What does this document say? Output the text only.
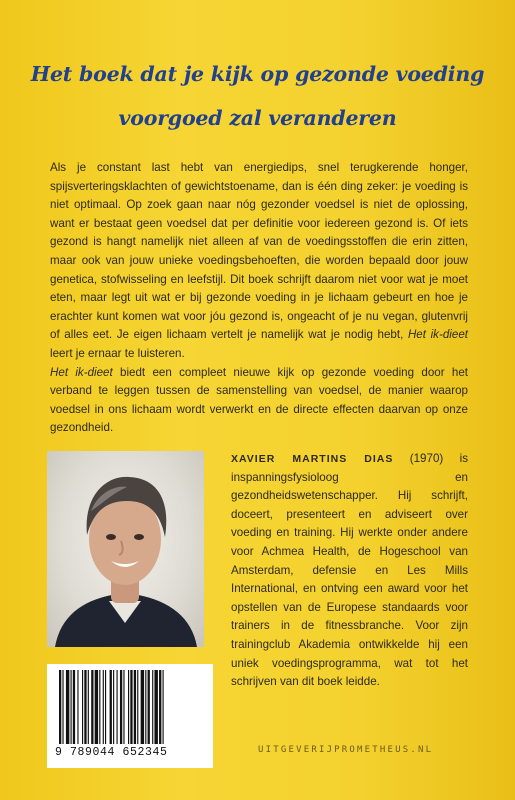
Het boek dat je kijk op gezonde voeding
voorgoed zal veranderen

Als je constant last hebt van energiedips, snel terugkerende honger, spijsverteringsklachten of gewichtstoename, dan is één ding zeker: je voeding is niet optimaal. Op zoek gaan naar nóg gezonder voedsel is niet de oplossing, want er bestaat geen voedsel dat per definitie voor iedereen gezond is. Of iets gezond is hangt namelijk niet alleen af van de voedingsstoffen die erin zitten, maar ook van jouw unieke voedingsbehoeften, die worden bepaald door jouw genetica, stofwisseling en leefstijl. Dit boek schrijft daarom niet voor wat je moet eten, maar legt uit wat er bij gezonde voeding in je lichaam gebeurt en hoe je erachter kunt komen wat voor jóu gezond is, ongeacht of je nu vegan, glutenvrij of alles eet. Je eigen lichaam vertelt je namelijk wat je nodig hebt, Het ik-dieet leert je ernaar te luisteren.
Het ik-dieet biedt een compleet nieuwe kijk op gezonde voeding door het verband te leggen tussen de samenstelling van voedsel, de manier waarop voedsel in ons lichaam wordt verwerkt en de directe effecten daarvan op onze gezondheid.

XAVIER MARTINS DIAS (1970) is inspanningsfysioloog en gezondheidswetenschapper. Hij schrijft, doceert, presenteert en adviseert over voeding en training. Hij werkte onder andere voor Achmea Health, de Hogeschool van Amsterdam, defensie en Les Mills International, en ontving een award voor het opstellen van de Europese standaards voor trainers in de fitnessbranche. Voor zijn trainingclub Akademia ontwikkelde hij een uniek voedingsprogramma, wat tot het schrijven van dit boek leidde.

9 789044 652345	UITGEVERIJPROMETHEUS.NL
